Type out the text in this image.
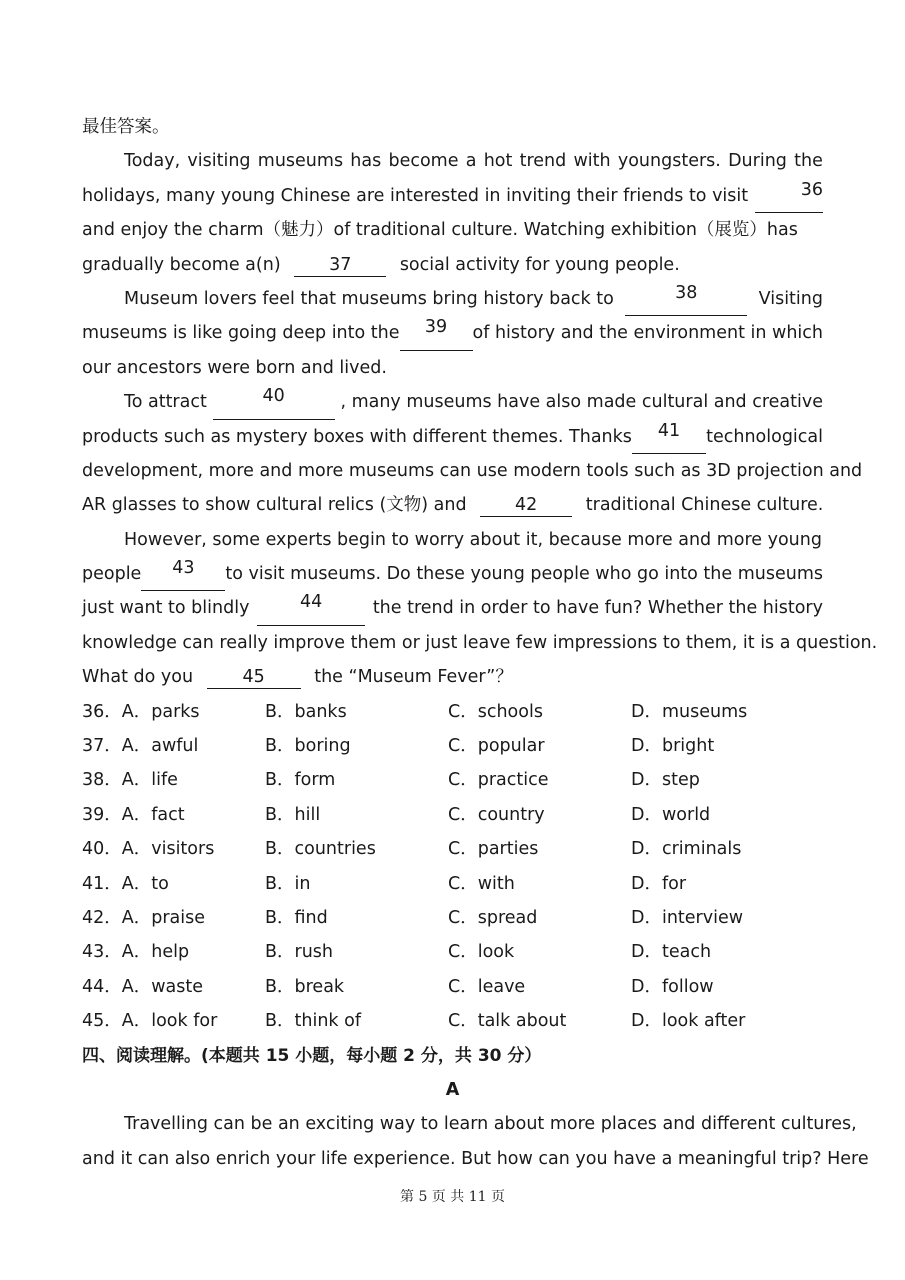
最佳答案。
Today, visiting museums has become a hot trend with youngsters. During the
holidays, many young Chinese are interested in inviting their friends to visit	36
and enjoy the charm（魅力）of traditional culture. Watching exhibition（展览）has
gradually become a(n)	37	social activity for young people.
Museum lovers feel that museums bring history back to	38	Visiting
museums is like going deep into the	39	of history and the environment in which
our ancestors were born and lived.
To attract	40	, many museums have also made cultural and creative
products such as mystery boxes with different themes. Thanks	41	technological
development, more and more museums can use modern tools such as 3D projection and
AR glasses to show cultural relics (文物) and	42	traditional Chinese culture.
However, some experts begin to worry about it, because more and more young
people	43	to visit museums. Do these young people who go into the museums
just want to blindly	44	the trend in order to have fun? Whether the history
knowledge can really improve them or just leave few impressions to them, it is a question.
What do you	45	the “Museum Fever”？
36．A．parks	B．banks	C．schools	D．museums
37．A．awful	B．boring	C．popular	D．bright
38．A．life	B．form	C．practice	D．step
39．A．fact	B．hill	C．country	D．world
40．A．visitors	B．countries	C．parties	D．criminals
41．A．to	B．in	C．with	D．for
42．A．praise	B．find	C．spread	D．interview
43．A．help	B．rush	C．look	D．teach
44．A．waste	B．break	C．leave	D．follow
45．A．look for	B．think of	C．talk about	D．look after
四、阅读理解。(本题共 15 小题，每小题 2 分，共 30 分）
A
Travelling can be an exciting way to learn about more places and different cultures,
and it can also enrich your life experience. But how can you have a meaningful trip? Here
第 5 页 共 11 页
